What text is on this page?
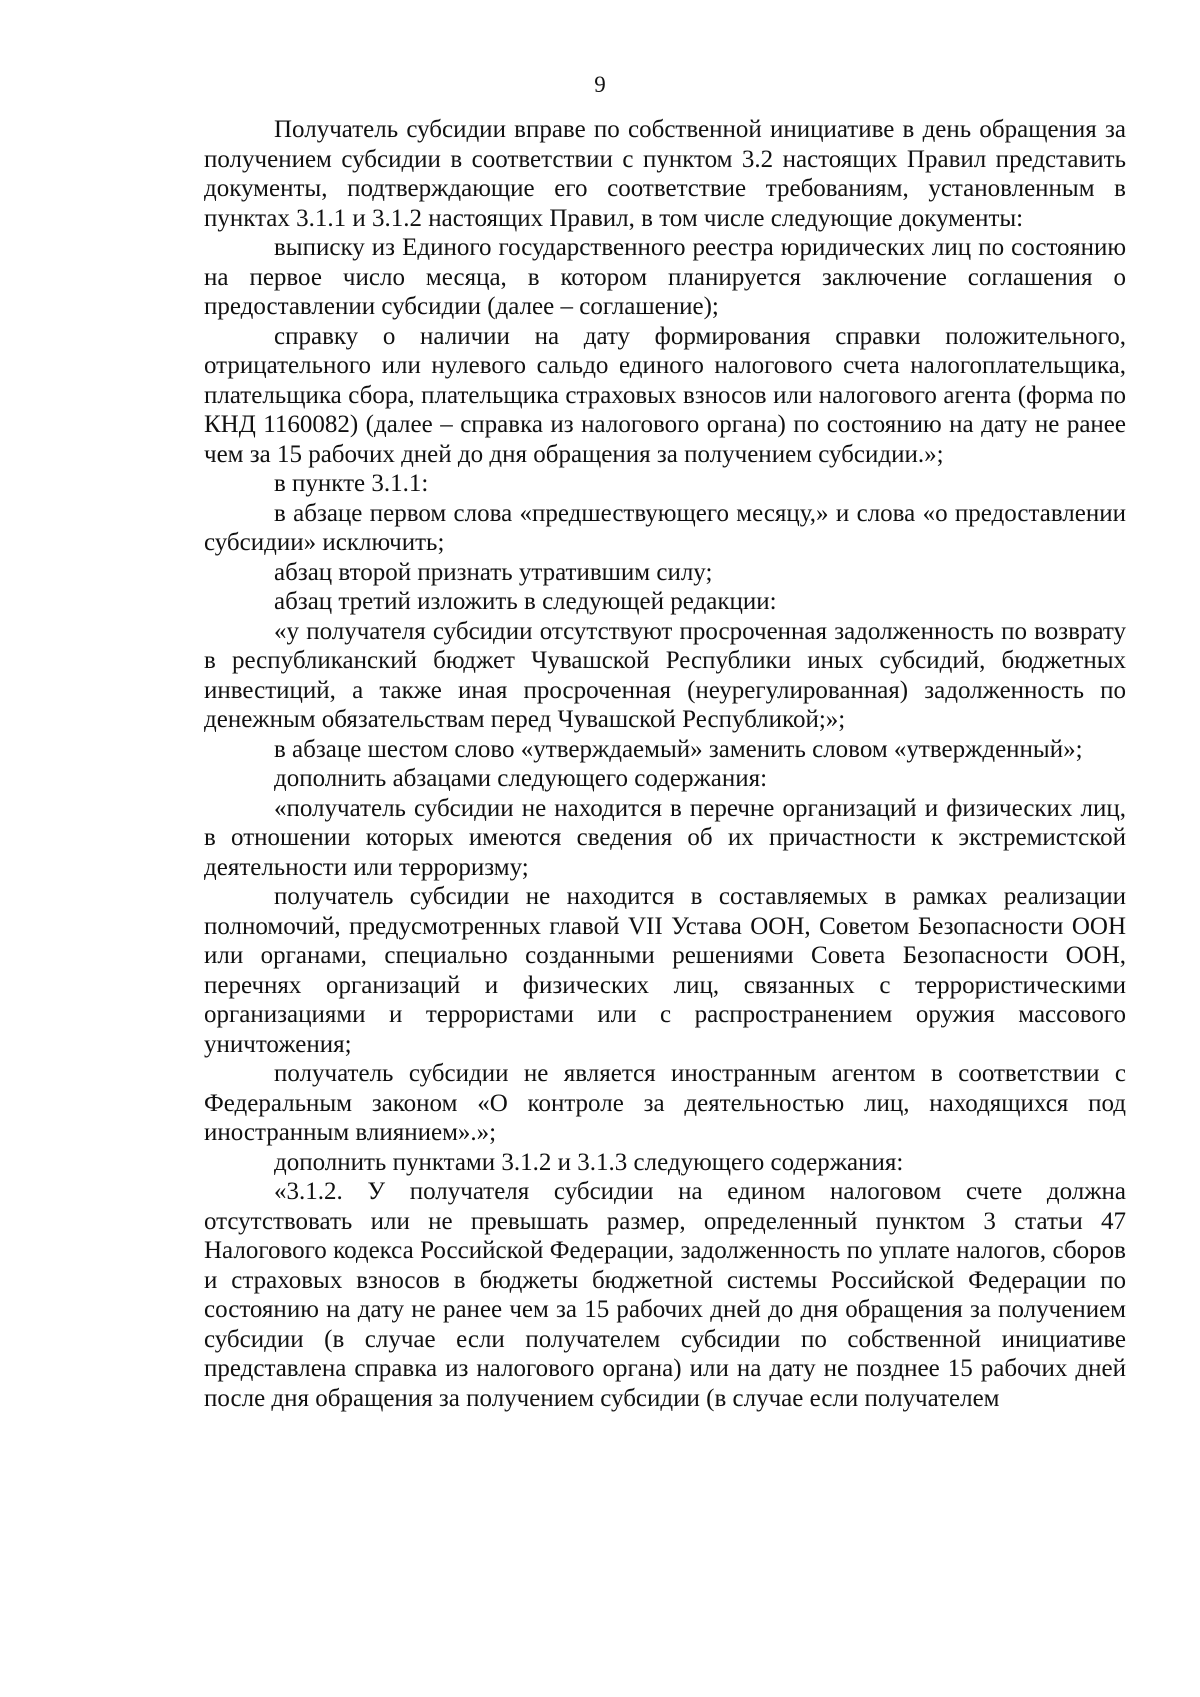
9

Получатель субсидии вправе по собственной инициативе в день обращения за получением субсидии в соответствии с пунктом 3.2 настоящих Правил представить документы, подтверждающие его соответствие требованиям, установленным в пунктах 3.1.1 и 3.1.2 настоящих Правил, в том числе следующие документы:

выписку из Единого государственного реестра юридических лиц по состоянию на первое число месяца, в котором планируется заключение соглашения о предоставлении субсидии (далее – соглашение);

справку о наличии на дату формирования справки положительного, отрицательного или нулевого сальдо единого налогового счета налогоплательщика, плательщика сбора, плательщика страховых взносов или налогового агента (форма по КНД 1160082) (далее – справка из налогового органа) по состоянию на дату не ранее чем за 15 рабочих дней до дня обращения за получением субсидии.»;

в пункте 3.1.1:

в абзаце первом слова «предшествующего месяцу,» и слова «о предоставлении субсидии» исключить;

абзац второй признать утратившим силу;

абзац третий изложить в следующей редакции:

«у получателя субсидии отсутствуют просроченная задолженность по возврату в республиканский бюджет Чувашской Республики иных субсидий, бюджетных инвестиций, а также иная просроченная (неурегулированная) задолженность по денежным обязательствам перед Чувашской Республикой;»;

в абзаце шестом слово «утверждаемый» заменить словом «утвержденный»;

дополнить абзацами следующего содержания:

«получатель субсидии не находится в перечне организаций и физических лиц, в отношении которых имеются сведения об их причастности к экстремистской деятельности или терроризму;

получатель субсидии не находится в составляемых в рамках реализации полномочий, предусмотренных главой VII Устава ООН, Советом Безопасности ООН или органами, специально созданными решениями Совета Безопасности ООН, перечнях организаций и физических лиц, связанных с террористическими организациями и террористами или с распространением оружия массового уничтожения;

получатель субсидии не является иностранным агентом в соответствии с Федеральным законом «О контроле за деятельностью лиц, находящихся под иностранным влиянием».»;

дополнить пунктами 3.1.2 и 3.1.3 следующего содержания:

«3.1.2. У получателя субсидии на едином налоговом счете должна отсутствовать или не превышать размер, определенный пунктом 3 статьи 47 Налогового кодекса Российской Федерации, задолженность по уплате налогов, сборов и страховых взносов в бюджеты бюджетной системы Российской Федерации по состоянию на дату не ранее чем за 15 рабочих дней до дня обращения за получением субсидии (в случае если получателем субсидии по собственной инициативе представлена справка из налогового органа) или на дату не позднее 15 рабочих дней после дня обращения за получением субсидии (в случае если получателем
